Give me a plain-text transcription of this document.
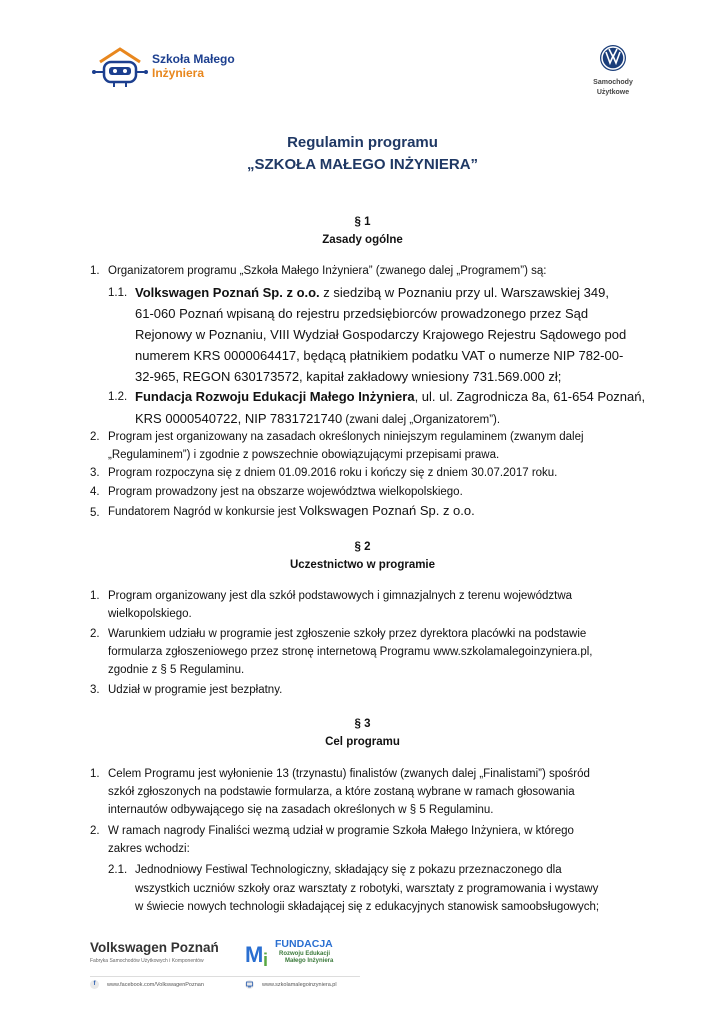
Szkoła Małego
Inżyniera
Samochody
Użytkowe
Regulamin programu
„SZKOŁA MAŁEGO INŻYNIERA”
§ 1
Zasady ogólne
1. Organizatorem programu „Szkoła Małego Inżyniera” (zwanego dalej „Programem”) są:
1.1. Volkswagen Poznań Sp. z o.o. z siedzibą w Poznaniu przy ul. Warszawskiej 349,
61-060 Poznań wpisaną do rejestru przedsiębiorców prowadzonego przez Sąd
Rejonowy w Poznaniu, VIII Wydział Gospodarczy Krajowego Rejestru Sądowego pod
numerem KRS 0000064417, będącą płatnikiem podatku VAT o numerze NIP 782-00-
32-965, REGON 630173572, kapitał zakładowy wniesiony 731.569.000 zł;
1.2. Fundacja Rozwoju Edukacji Małego Inżyniera, ul. ul. Zagrodnicza 8a, 61-654 Poznań,
KRS 0000540722, NIP 7831721740 (zwani dalej „Organizatorem”).
2. Program jest organizowany na zasadach określonych niniejszym regulaminem (zwanym dalej
„Regulaminem”) i zgodnie z powszechnie obowiązującymi przepisami prawa.
3. Program rozpoczyna się z dniem 01.09.2016 roku i kończy się z dniem 30.07.2017 roku.
4. Program prowadzony jest na obszarze województwa wielkopolskiego.
5. Fundatorem Nagród w konkursie jest Volkswagen Poznań Sp. z o.o.
§ 2
Uczestnictwo w programie
1. Program organizowany jest dla szkół podstawowych i gimnazjalnych z terenu województwa
wielkopolskiego.
2. Warunkiem udziału w programie jest zgłoszenie szkoły przez dyrektora placówki na podstawie
formularza zgłoszeniowego przez stronę internetową Programu www.szkolamalegoinzyniera.pl,
zgodnie z § 5 Regulaminu.
3. Udział w programie jest bezpłatny.
§ 3
Cel programu
1. Celem Programu jest wyłonienie 13 (trzynastu) finalistów (zwanych dalej „Finalistami”) spośród
szkół zgłoszonych na podstawie formularza, a które zostaną wybrane w ramach głosowania
internautów odbywającego się na zasadach określonych w § 5 Regulaminu.
2. W ramach nagrody Finaliści wezmą udział w programie Szkoła Małego Inżyniera, w którego
zakres wchodzi:
2.1. Jednodniowy Festiwal Technologiczny, składający się z pokazu przeznaczonego dla
wszystkich uczniów szkoły oraz warsztaty z robotyki, warsztaty z programowania i wystawy
w świecie nowych technologii składającej się z edukacyjnych stanowisk samoobsługowych;
Volkswagen Poznań
Fabryka Samochodów Użytkowych i Komponentów M i
FUNDACJA
Rozwoju Edukacji
Małego Inżyniera
f www.facebook.com/VolkswagenPoznan	www.szkolamalegoinzyniera.pl
